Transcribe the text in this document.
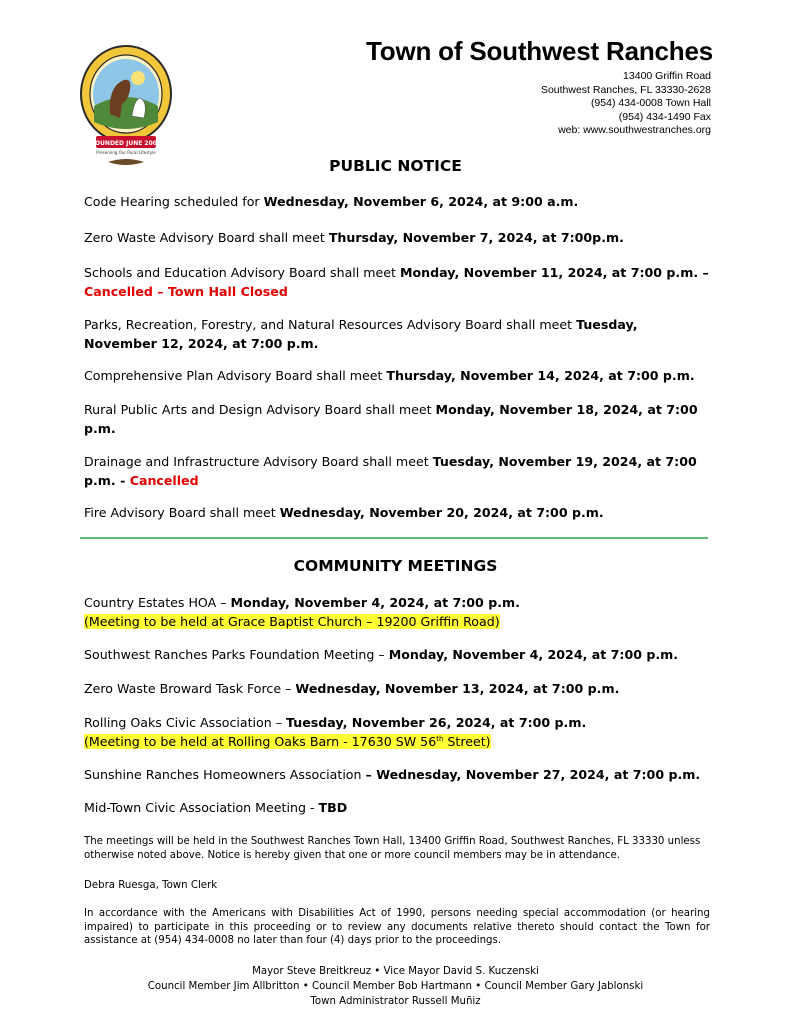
FOUNDED JUNE 2000
Preserving Our Rural Lifestyle
Town of Southwest Ranches
13400 Griffin Road
Southwest Ranches, FL 33330-2628
(954) 434-0008 Town Hall
(954) 434-1490 Fax
web: www.southwestranches.org
PUBLIC NOTICE
Code Hearing scheduled for Wednesday, November 6, 2024, at 9:00 a.m.
Zero Waste Advisory Board shall meet Thursday, November 7, 2024, at 7:00p.m.
Schools and Education Advisory Board shall meet Monday, November 11, 2024, at 7:00 p.m. –
Cancelled – Town Hall Closed
Parks, Recreation, Forestry, and Natural Resources Advisory Board shall meet Tuesday, November 12, 2024, at 7:00 p.m.
Comprehensive Plan Advisory Board shall meet Thursday, November 14, 2024, at 7:00 p.m.
Rural Public Arts and Design Advisory Board shall meet Monday, November 18, 2024, at 7:00 p.m.
Drainage and Infrastructure Advisory Board shall meet Tuesday, November 19, 2024, at 7:00 p.m. - Cancelled
Fire Advisory Board shall meet Wednesday, November 20, 2024, at 7:00 p.m.
COMMUNITY MEETINGS
Country Estates HOA – Monday, November 4, 2024, at 7:00 p.m.
(Meeting to be held at Grace Baptist Church – 19200 Griffin Road)
Southwest Ranches Parks Foundation Meeting – Monday, November 4, 2024, at 7:00 p.m.
Zero Waste Broward Task Force – Wednesday, November 13, 2024, at 7:00 p.m.
Rolling Oaks Civic Association – Tuesday, November 26, 2024, at 7:00 p.m.
(Meeting to be held at Rolling Oaks Barn - 17630 SW 56th Street)
Sunshine Ranches Homeowners Association – Wednesday, November 27, 2024, at 7:00 p.m.
Mid-Town Civic Association Meeting - TBD
The meetings will be held in the Southwest Ranches Town Hall, 13400 Griffin Road, Southwest Ranches, FL 33330 unless otherwise noted above. Notice is hereby given that one or more council members may be in attendance.
Debra Ruesga, Town Clerk
In accordance with the Americans with Disabilities Act of 1990, persons needing special accommodation (or hearing impaired) to participate in this proceeding or to review any documents relative thereto should contact the Town for assistance at (954) 434-0008 no later than four (4) days prior to the proceedings.
Mayor Steve Breitkreuz • Vice Mayor David S. Kuczenski
Council Member Jim Allbritton • Council Member Bob Hartmann • Council Member Gary Jablonski
Town Administrator Russell Muñiz
